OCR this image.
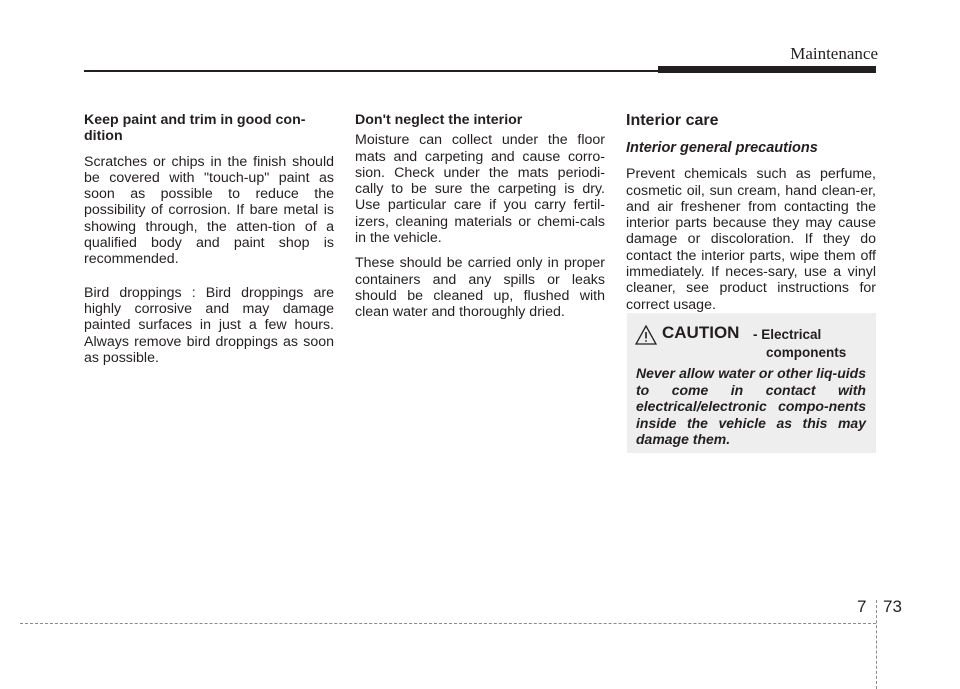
Maintenance
Keep paint and trim in good con-dition

Scratches or chips in the finish should be covered with "touch-up" paint as soon as possible to reduce the possibility of corrosion. If bare metal is showing through, the atten-tion of a qualified body and paint shop is recommended.

Bird droppings : Bird droppings are highly corrosive and may damage painted surfaces in just a few hours. Always remove bird droppings as soon as possible.

Don't neglect the interior

Moisture can collect under the floor mats and carpeting and cause corro-sion. Check under the mats periodi-cally to be sure the carpeting is dry. Use particular care if you carry fertil-izers, cleaning materials or chemi-cals in the vehicle.

These should be carried only in proper containers and any spills or leaks should be cleaned up, flushed with clean water and thoroughly dried.

Interior care
Interior general precautions

Prevent chemicals such as perfume, cosmetic oil, sun cream, hand clean-er, and air freshener from contacting the interior parts because they may cause damage or discoloration. If they do contact the interior parts, wipe them off immediately. If neces-sary, use a vinyl cleaner, see product instructions for correct usage.

CAUTION - Electrical
components
Never allow water or other liq-uids to come in contact with electrical/electronic compo-nents inside the vehicle as this may damage them.
7 73
